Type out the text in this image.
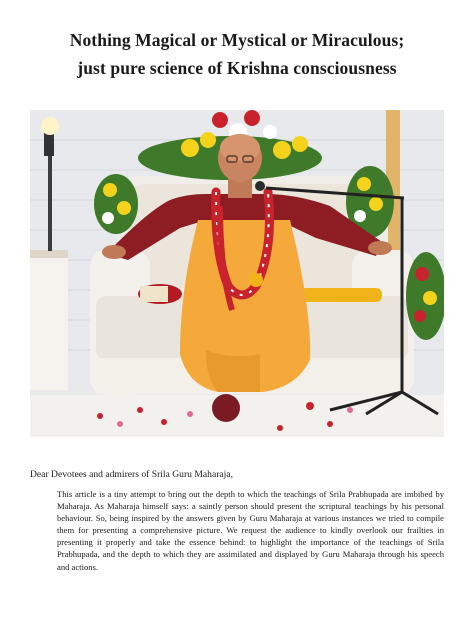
Nothing Magical or Mystical or Miraculous;
just pure science of Krishna consciousness
Dear Devotees and admirers of Srila Guru Maharaja,
This article is a tiny attempt to bring out the depth to which the teachings of Srila Prabhupada are imbibed by Maharaja. As Maharaja himself says: a saintly person should present the scriptural teachings by his personal behaviour. So, being inspired by the answers given by Guru Maharaja at various instances we tried to compile them for presenting a comprehensive picture. We request the audience to kindly overlook our frailties in presenting it properly and take the essence behind: to highlight the importance of the teachings of Srila Prabhupada, and the depth to which they are assimilated and displayed by Guru Maharaja through his speech and actions.
